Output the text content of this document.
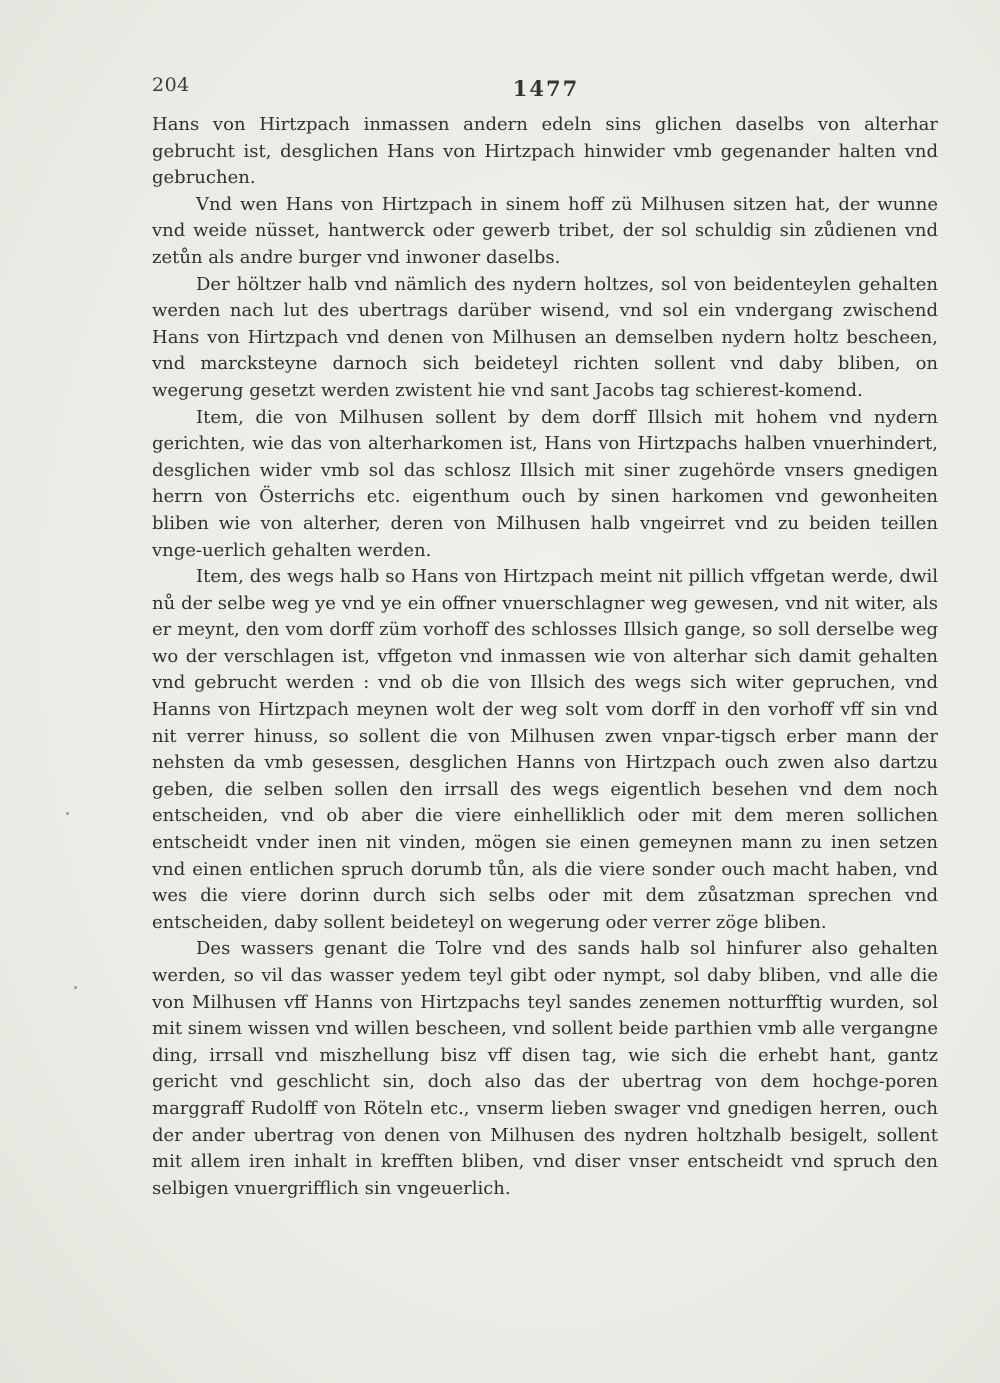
204	1477

Hans von Hirtzpach inmassen andern edeln sins glichen daselbs von alterhar gebrucht ist, desglichen Hans von Hirtzpach hinwider vmb gegenander halten vnd gebruchen.

Vnd wen Hans von Hirtzpach in sinem hoff zü Milhusen sitzen hat, der wunne vnd weide nüsset, hantwerck oder gewerb tribet, der sol schuldig sin zůdienen vnd zetůn als andre burger vnd inwoner daselbs.

Der höltzer halb vnd nämlich des nydern holtzes, sol von beidenteylen gehalten werden nach lut des ubertrags darüber wisend, vnd sol ein vndergang zwischend Hans von Hirtzpach vnd denen von Milhusen an demselben nydern holtz bescheen, vnd marcksteyne darnoch sich beideteyl richten sollent vnd daby bliben, on wegerung gesetzt werden zwistent hie vnd sant Jacobs tag schierest-komend.

Item, die von Milhusen sollent by dem dorff Illsich mit hohem vnd nydern gerichten, wie das von alterharkomen ist, Hans von Hirtzpachs halben vnuerhindert, desglichen wider vmb sol das schlosz Illsich mit siner zugehörde vnsers gnedigen herrn von Österrichs etc. eigenthum ouch by sinen harkomen vnd gewonheiten bliben wie von alterher, deren von Milhusen halb vngeirret vnd zu beiden teillen vnge-uerlich gehalten werden.

Item, des wegs halb so Hans von Hirtzpach meint nit pillich vffgetan werde, dwil nů der selbe weg ye vnd ye ein offner vnuerschlagner weg gewesen, vnd nit witer, als er meynt, den vom dorff züm vorhoff des schlosses Illsich gange, so soll derselbe weg wo der verschlagen ist, vffgeton vnd inmassen wie von alterhar sich damit gehalten vnd gebrucht werden : vnd ob die von Illsich des wegs sich witer gepruchen, vnd Hanns von Hirtzpach meynen wolt der weg solt vom dorff in den vorhoff vff sin vnd nit verrer hinuss, so sollent die von Milhusen zwen vnpar-tigsch erber mann der nehsten da vmb gesessen, desglichen Hanns von Hirtzpach ouch zwen also dartzu geben, die selben sollen den irrsall des wegs eigentlich besehen vnd dem noch entscheiden, vnd ob aber die viere einhelliklich oder mit dem meren sollichen entscheidt vnder inen nit vinden, mögen sie einen gemeynen mann zu inen setzen vnd einen entlichen spruch dorumb tůn, als die viere sonder ouch macht haben, vnd wes die viere dorinn durch sich selbs oder mit dem zůsatzman sprechen vnd entscheiden, daby sollent beideteyl on wegerung oder verrer zöge bliben.

Des wassers genant die Tolre vnd des sands halb sol hinfurer also gehalten werden, so vil das wasser yedem teyl gibt oder nympt, sol daby bliben, vnd alle die von Milhusen vff Hanns von Hirtzpachs teyl sandes zenemen notturfftig wurden, sol mit sinem wissen vnd willen bescheen, vnd sollent beide parthien vmb alle vergangne ding, irrsall vnd miszhellung bisz vff disen tag, wie sich die erhebt hant, gantz gericht vnd geschlicht sin, doch also das der ubertrag von dem hochge-poren marggraff Rudolff von Röteln etc., vnserm lieben swager vnd gnedigen herren, ouch der ander ubertrag von denen von Milhusen des nydren holtzhalb besigelt, sollent mit allem iren inhalt in krefften bliben, vnd diser vnser entscheidt vnd spruch den selbigen vnuergrifflich sin vngeuerlich.
